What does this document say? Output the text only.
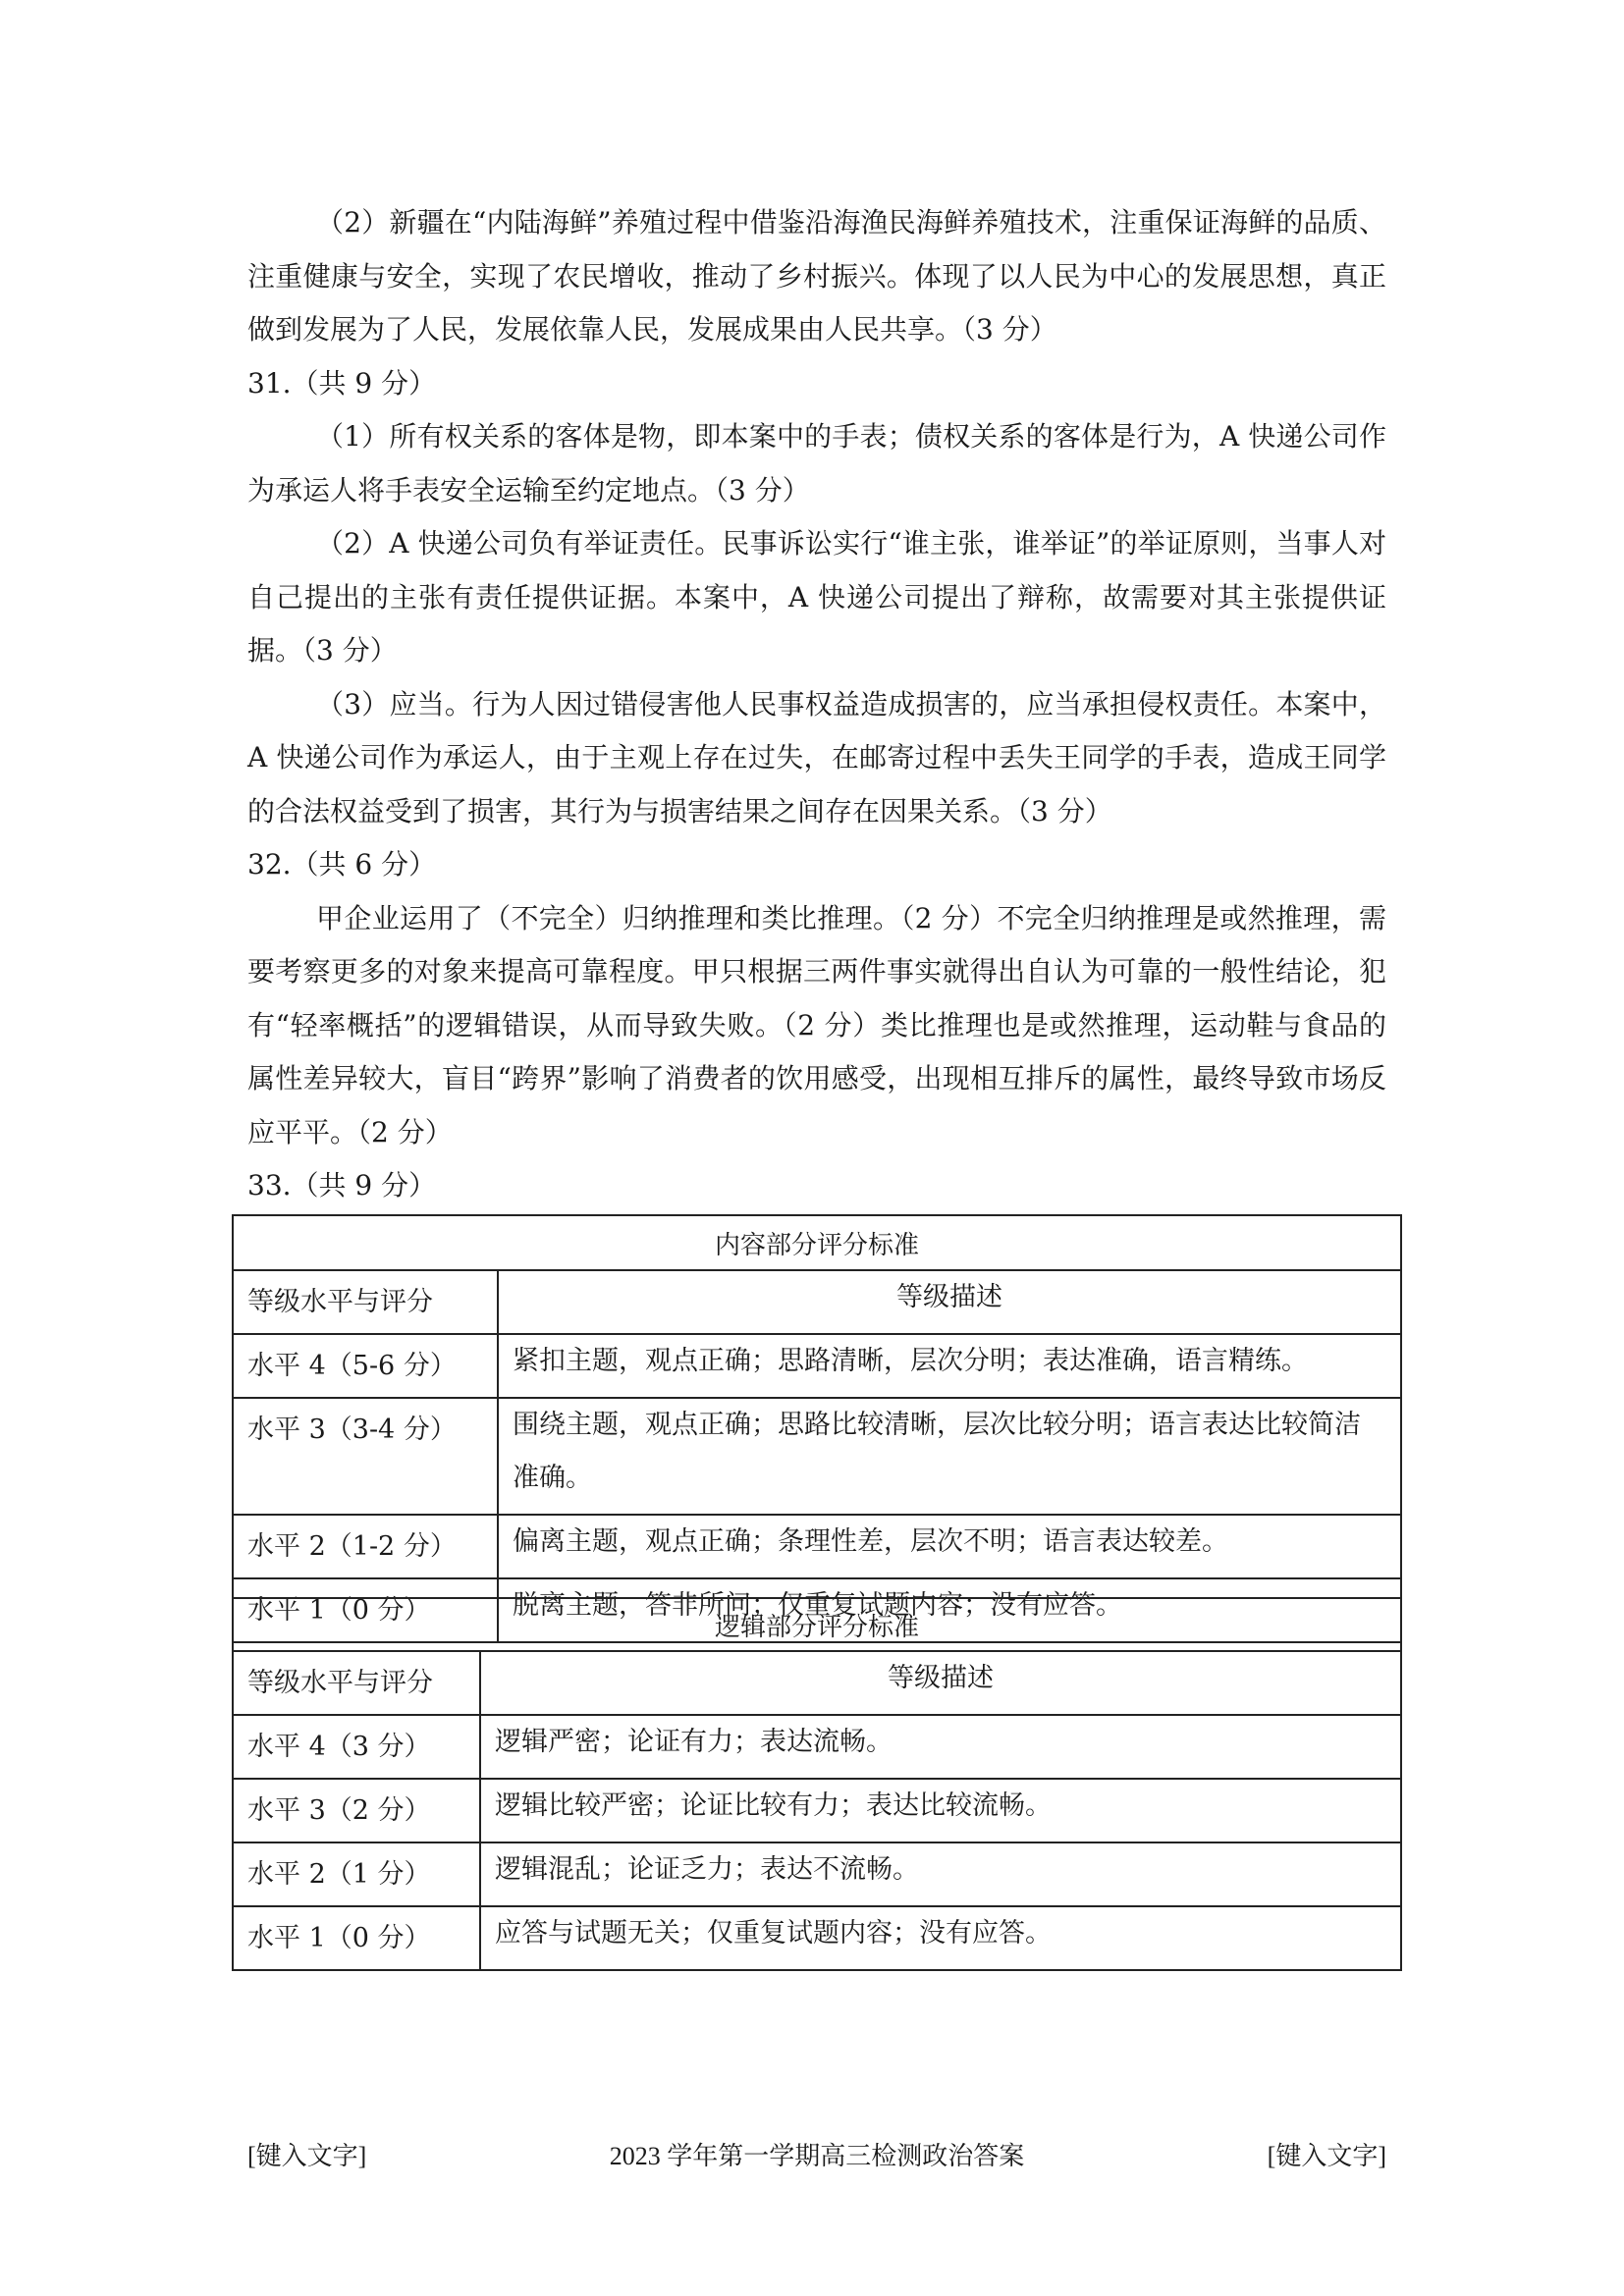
（2）新疆在“内陆海鲜”养殖过程中借鉴沿海渔民海鲜养殖技术，注重保证海鲜的品质、注重健康与安全，实现了农民增收，推动了乡村振兴。体现了以人民为中心的发展思想，真正做到发展为了人民，发展依靠人民，发展成果由人民共享。（3 分）

31.（共 9 分）

（1）所有权关系的客体是物，即本案中的手表；债权关系的客体是行为，A 快递公司作为承运人将手表安全运输至约定地点。（3 分）

（2）A 快递公司负有举证责任。民事诉讼实行“谁主张，谁举证”的举证原则，当事人对自己提出的主张有责任提供证据。本案中，A 快递公司提出了辩称，故需要对其主张提供证据。（3 分）

（3）应当。行为人因过错侵害他人民事权益造成损害的，应当承担侵权责任。本案中，A 快递公司作为承运人，由于主观上存在过失，在邮寄过程中丢失王同学的手表，造成王同学的合法权益受到了损害，其行为与损害结果之间存在因果关系。（3 分）

32.（共 6 分）

甲企业运用了（不完全）归纳推理和类比推理。（2 分）不完全归纳推理是或然推理，需要考察更多的对象来提高可靠程度。甲只根据三两件事实就得出自认为可靠的一般性结论，犯有“轻率概括”的逻辑错误，从而导致失败。（2 分）类比推理也是或然推理，运动鞋与食品的属性差异较大，盲目“跨界”影响了消费者的饮用感受，出现相互排斥的属性，最终导致市场反应平平。（2 分）

33.（共 9 分）

内容部分评分标准
等级水平与评分	等级描述
水平 4（5-6 分）	紧扣主题，观点正确；思路清晰，层次分明；表达准确，语言精练。
水平 3（3-4 分）	围绕主题，观点正确；思路比较清晰，层次比较分明；语言表达比较简洁准确。
水平 2（1-2 分）	偏离主题，观点正确；条理性差，层次不明；语言表达较差。
水平 1（0 分）	脱离主题，答非所问；仅重复试题内容；没有应答。
逻辑部分评分标准
等级水平与评分	等级描述
水平 4（3 分）	逻辑严密；论证有力；表达流畅。
水平 3（2 分）	逻辑比较严密；论证比较有力；表达比较流畅。
水平 2（1 分）	逻辑混乱；论证乏力；表达不流畅。
水平 1（0 分）	应答与试题无关；仅重复试题内容；没有应答。
[键入文字]	2023 学年第一学期高三检测政治答案	[键入文字]
